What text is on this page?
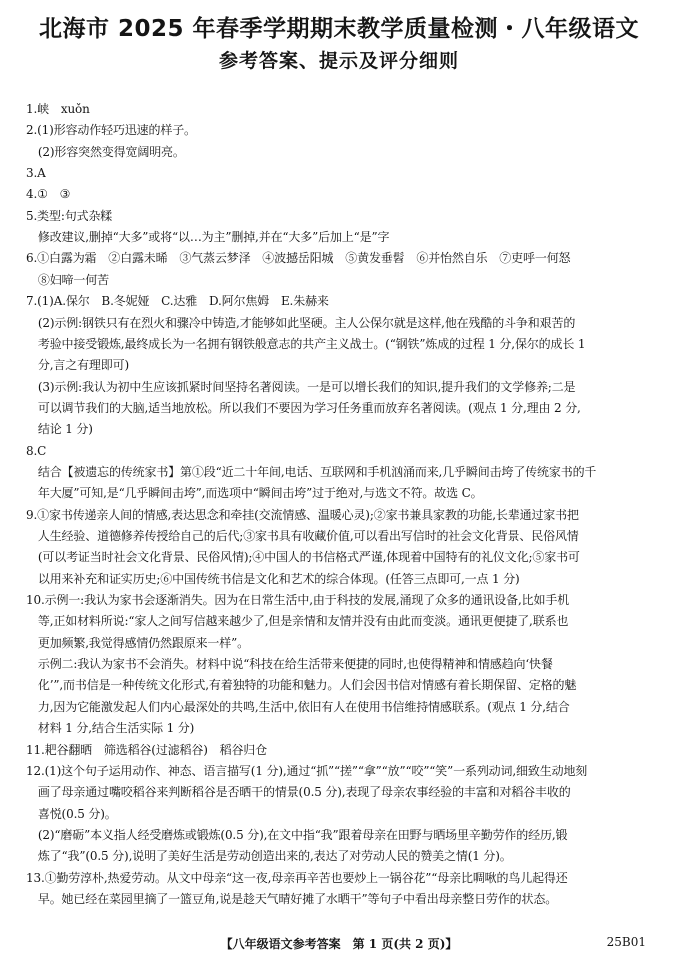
北海市 2025 年春季学期期末教学质量检测・八年级语文
参考答案、提示及评分细则
1.峡　xuǒn
2.(1)形容动作轻巧迅速的样子。
　(2)形容突然变得宽阔明亮。
3.A
4.①　③
5.类型:句式杂糅
　修改建议,删掉“大多”或将“以…为主”删掉,并在“大多”后加上“是”字
6.①白露为霜　②白露未晞　③气蒸云梦泽　④波撼岳阳城　⑤黄发垂髫　⑥并怡然自乐　⑦吏呼一何怒
　⑧妇啼一何苦
7.(1)A.保尔　B.冬妮娅　C.达雅　D.阿尔焦姆　E.朱赫来
　(2)示例:钢铁只有在烈火和骤冷中铸造,才能够如此坚硬。主人公保尔就是这样,他在残酷的斗争和艰苦的
　考验中接受锻炼,最终成长为一名拥有钢铁般意志的共产主义战士。(“钢铁”炼成的过程 1 分,保尔的成长 1
　分,言之有理即可)
　(3)示例:我认为初中生应该抓紧时间坚持名著阅读。一是可以增长我们的知识,提升我们的文学修养;二是
　可以调节我们的大脑,适当地放松。所以我们不要因为学习任务重而放弃名著阅读。(观点 1 分,理由 2 分,
　结论 1 分)
8.C
　结合【被遗忘的传统家书】第①段“近二十年间,电话、互联网和手机汹涌而来,几乎瞬间击垮了传统家书的千
　年大厦”可知,是“几乎瞬间击垮”,而选项中“瞬间击垮”过于绝对,与选文不符。故选 C。
9.①家书传递亲人间的情感,表达思念和牵挂(交流情感、温暖心灵);②家书兼具家教的功能,长辈通过家书把
　人生经验、道德修养传授给自己的后代;③家书具有收藏价值,可以看出写信时的社会文化背景、民俗风情
　(可以考证当时社会文化背景、民俗风情);④中国人的书信格式严谨,体现着中国特有的礼仪文化;⑤家书可
　以用来补充和证实历史;⑥中国传统书信是文化和艺术的综合体现。(任答三点即可,一点 1 分)
10.示例一:我认为家书会逐渐消失。因为在日常生活中,由于科技的发展,涌现了众多的通讯设备,比如手机
　等,正如材料所说:“家人之间写信越来越少了,但是亲情和友情并没有由此而变淡。通讯更便捷了,联系也
　更加频繁,我觉得感情仍然跟原来一样”。
　示例二:我认为家书不会消失。材料中说“科技在给生活带来便捷的同时,也使得精神和情感趋向‘快餐
　化’”,而书信是一种传统文化形式,有着独特的功能和魅力。人们会因书信对情感有着长期保留、定格的魅
　力,因为它能激发起人们内心最深处的共鸣,生活中,依旧有人在使用书信维持情感联系。(观点 1 分,结合
　材料 1 分,结合生活实际 1 分)
11.耙谷翻晒　筛选稻谷(过滤稻谷)　稻谷归仓
12.(1)这个句子运用动作、神态、语言描写(1 分),通过“抓”“搓”“拿”“放”“咬”“笑”一系列动词,细致生动地刻
　画了母亲通过嘴咬稻谷来判断稻谷是否晒干的情景(0.5 分),表现了母亲农事经验的丰富和对稻谷丰收的
　喜悦(0.5 分)。
　(2)“磨砺”本义指人经受磨炼或锻炼(0.5 分),在文中指“我”跟着母亲在田野与晒场里辛勤劳作的经历,锻
　炼了“我”(0.5 分),说明了美好生活是劳动创造出来的,表达了对劳动人民的赞美之情(1 分)。
13.①勤劳淳朴,热爱劳动。从文中母亲“这一夜,母亲再辛苦也要炒上一锅谷花”“母亲比啁啾的鸟儿起得还
　早。她已经在菜园里摘了一篮豆角,说是趁天气晴好摊了水晒干”等句子中看出母亲整日劳作的状态。
【八年级语文参考答案　第 1 页(共 2 页)】	25B01
